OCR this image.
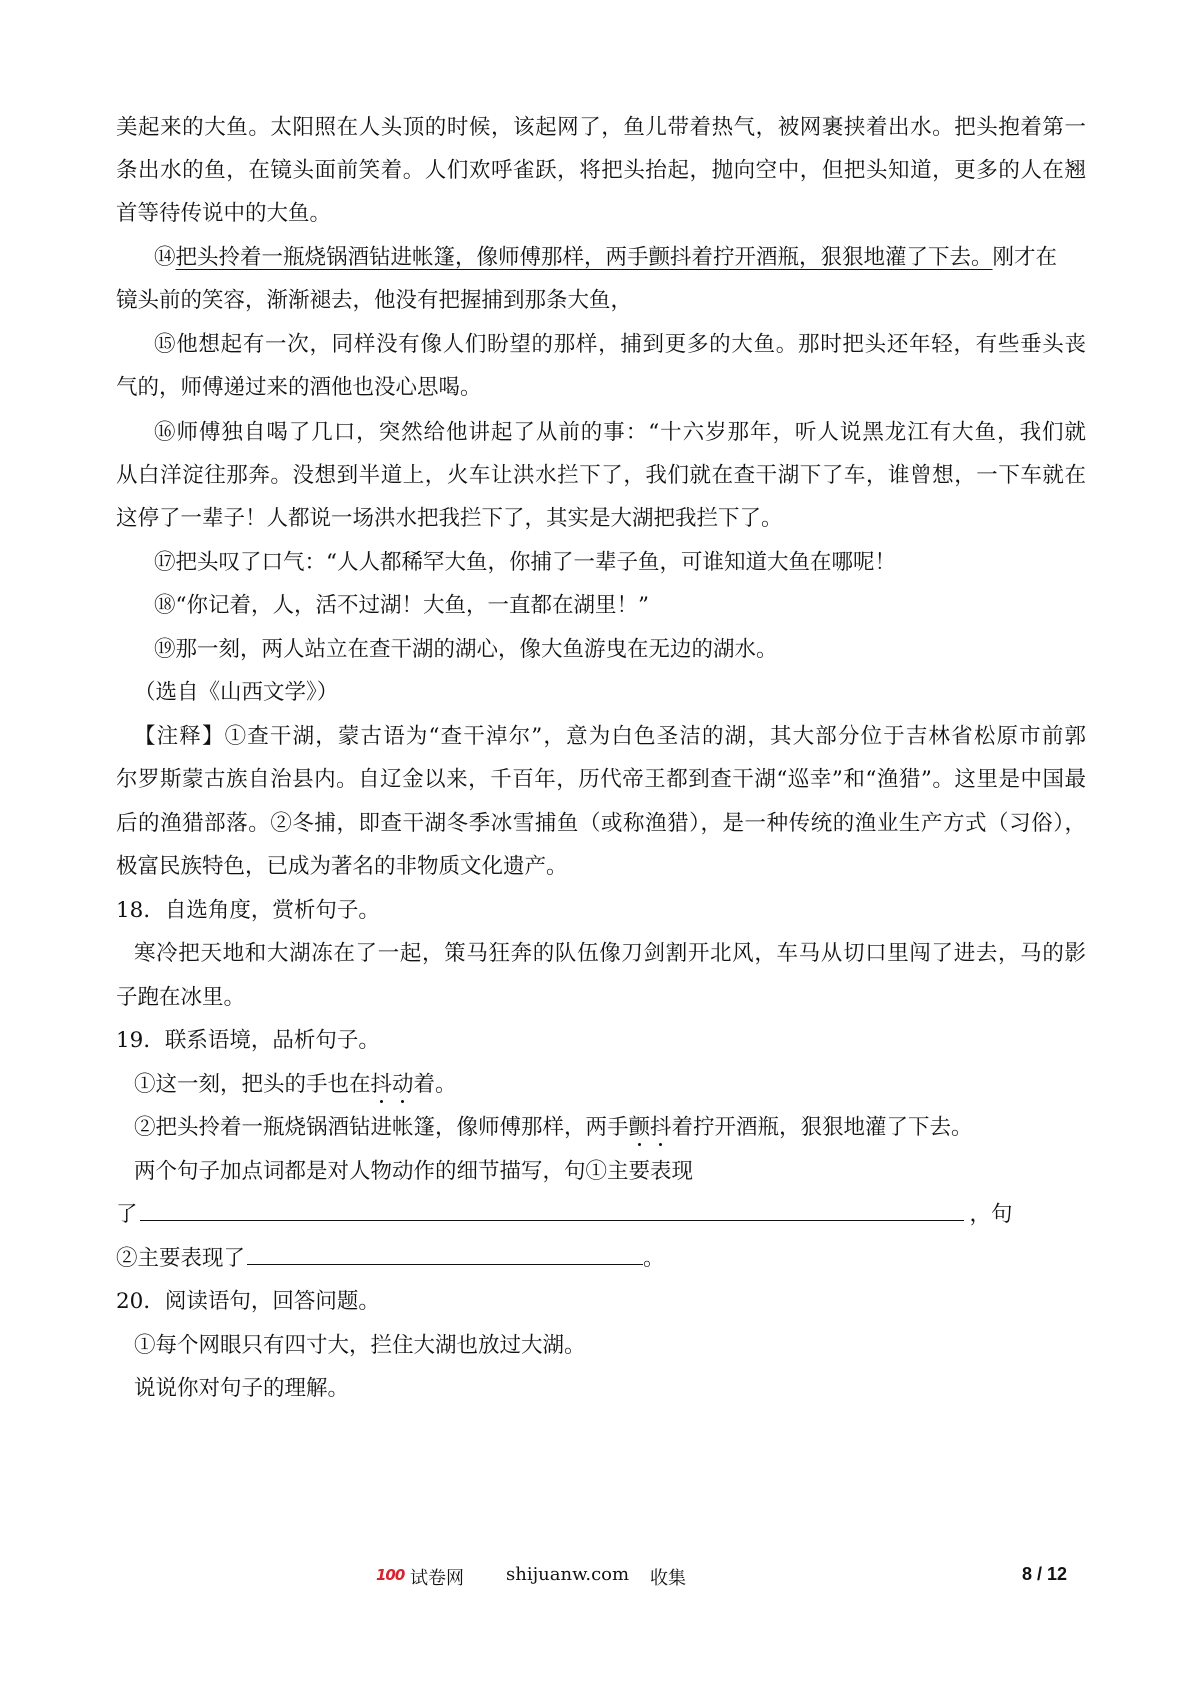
美起来的大鱼。太阳照在人头顶的时候，该起网了，鱼儿带着热气，被网裹挟着出水。把头抱着第一
条出水的鱼，在镜头面前笑着。人们欢呼雀跃，将把头抬起，抛向空中，但把头知道，更多的人在翘
首等待传说中的大鱼。
⑭把头拎着一瓶烧锅酒钻进帐篷，像师傅那样，两手颤抖着拧开酒瓶，狠狠地灌了下去。刚才在
镜头前的笑容，渐渐褪去，他没有把握捕到那条大鱼，
⑮他想起有一次，同样没有像人们盼望的那样，捕到更多的大鱼。那时把头还年轻，有些垂头丧
气的，师傅递过来的酒他也没心思喝。
⑯师傅独自喝了几口，突然给他讲起了从前的事：“十六岁那年，听人说黑龙江有大鱼，我们就
从白洋淀往那奔。没想到半道上，火车让洪水拦下了，我们就在查干湖下了车，谁曾想，一下车就在
这停了一辈子！人都说一场洪水把我拦下了，其实是大湖把我拦下了。
⑰把头叹了口气：“人人都稀罕大鱼，你捕了一辈子鱼，可谁知道大鱼在哪呢！
⑱“你记着，人，活不过湖！大鱼，一直都在湖里！”
⑲那一刻，两人站立在查干湖的湖心，像大鱼游曳在无边的湖水。
（选自《山西文学》）
【注释】①查干湖，蒙古语为“查干淖尔”，意为白色圣洁的湖，其大部分位于吉林省松原市前郭
尔罗斯蒙古族自治县内。自辽金以来，千百年，历代帝王都到查干湖“巡幸”和“渔猎”。这里是中国最
后的渔猎部落。②冬捕，即查干湖冬季冰雪捕鱼（或称渔猎），是一种传统的渔业生产方式（习俗），
极富民族特色，已成为著名的非物质文化遗产。
18．自选角度，赏析句子。
寒冷把天地和大湖冻在了一起，策马狂奔的队伍像刀剑割开北风，车马从切口里闯了进去，马的影
子跑在冰里。
19．联系语境，品析句子。
①这一刻，把头的手也在抖动着。
②把头拎着一瓶烧锅酒钻进帐篷，像师傅那样，两手颤抖着拧开酒瓶，狠狠地灌了下去。
两个句子加点词都是对人物动作的细节描写，句①主要表现
了	，句
②主要表现了	。
20．阅读语句，回答问题。
①每个网眼只有四寸大，拦住大湖也放过大湖。
说说你对句子的理解。
100 试卷网 shijuanw.com 收集	8 / 12
